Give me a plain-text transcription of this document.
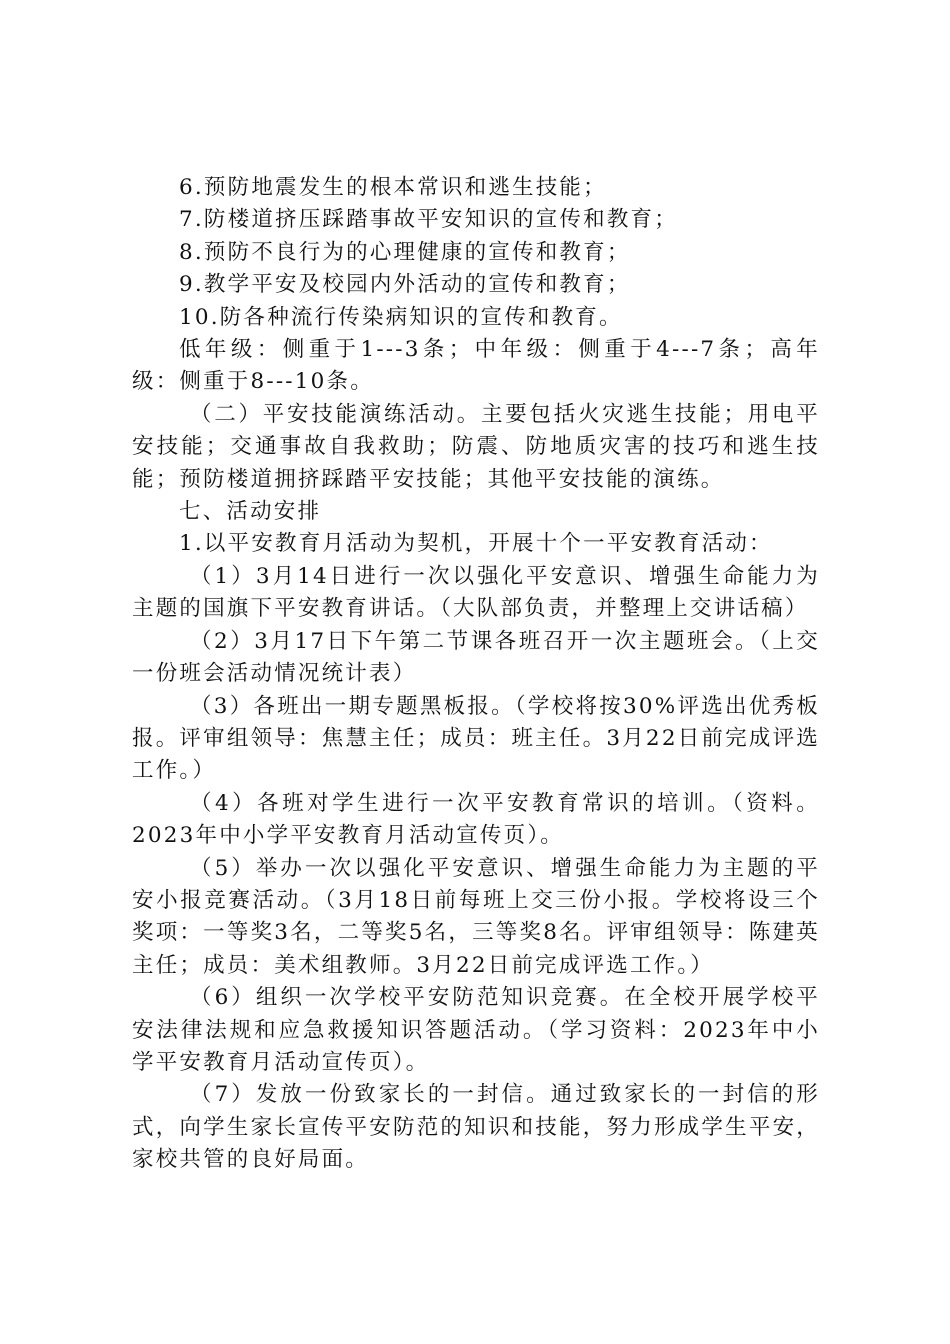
6.预防地震发生的根本常识和逃生技能；

7.防楼道挤压踩踏事故平安知识的宣传和教育；

8.预防不良行为的心理健康的宣传和教育；

9.教学平安及校园内外活动的宣传和教育；

10.防各种流行传染病知识的宣传和教育。

低年级：侧重于1---3条；中年级：侧重于4---7条；高年级：侧重于8---10条。

（二）平安技能演练活动。主要包括火灾逃生技能；用电平安技能；交通事故自我救助；防震、防地质灾害的技巧和逃生技能；预防楼道拥挤踩踏平安技能；其他平安技能的演练。

七、活动安排

1.以平安教育月活动为契机，开展十个一平安教育活动：

（1）3月14日进行一次以强化平安意识、增强生命能力为主题的国旗下平安教育讲话。（大队部负责，并整理上交讲话稿）

（2）3月17日下午第二节课各班召开一次主题班会。（上交一份班会活动情况统计表）

（3）各班出一期专题黑板报。（学校将按30%评选出优秀板报。评审组领导：焦慧主任；成员：班主任。3月22日前完成评选工作。）

（4）各班对学生进行一次平安教育常识的培训。（资料。2023年中小学平安教育月活动宣传页）。

（5）举办一次以强化平安意识、增强生命能力为主题的平安小报竞赛活动。（3月18日前每班上交三份小报。学校将设三个奖项：一等奖3名，二等奖5名，三等奖8名。评审组领导：陈建英主任；成员：美术组教师。3月22日前完成评选工作。）

（6）组织一次学校平安防范知识竞赛。在全校开展学校平安法律法规和应急救援知识答题活动。（学习资料：2023年中小学平安教育月活动宣传页）。

（7）发放一份致家长的一封信。通过致家长的一封信的形式，向学生家长宣传平安防范的知识和技能，努力形成学生平安，家校共管的良好局面。
